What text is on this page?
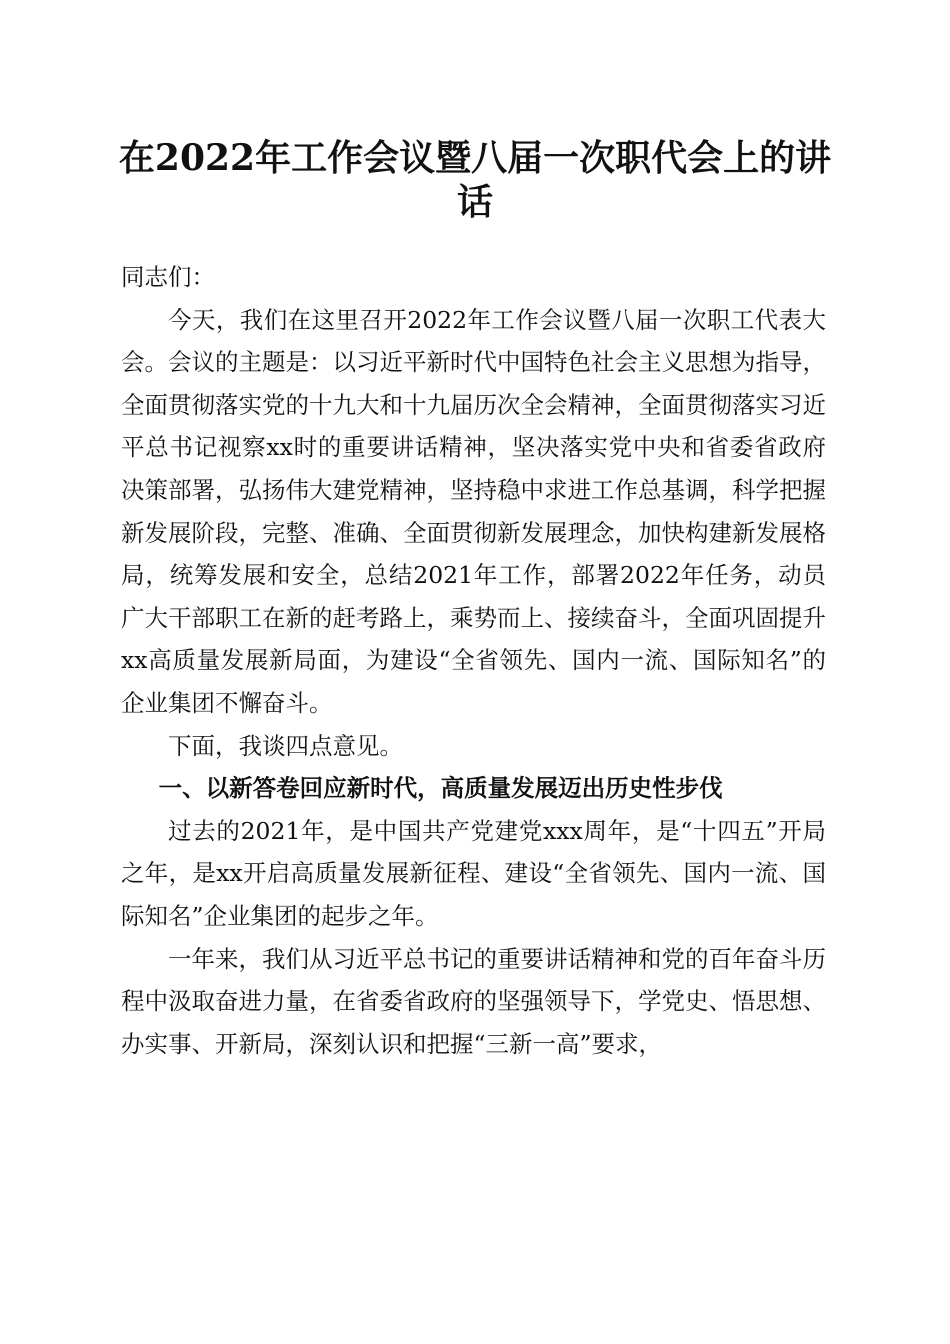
在2022年工作会议暨八届一次职代会上的讲话

同志们：

今天，我们在这里召开2022年工作会议暨八届一次职工代表大会。会议的主题是：以习近平新时代中国特色社会主义思想为指导，全面贯彻落实党的十九大和十九届历次全会精神，全面贯彻落实习近平总书记视察xx时的重要讲话精神，坚决落实党中央和省委省政府决策部署，弘扬伟大建党精神，坚持稳中求进工作总基调，科学把握新发展阶段，完整、准确、全面贯彻新发展理念，加快构建新发展格局，统筹发展和安全，总结2021年工作，部署2022年任务，动员广大干部职工在新的赶考路上，乘势而上、接续奋斗，全面巩固提升xx高质量发展新局面，为建设“全省领先、国内一流、国际知名”的企业集团不懈奋斗。

下面，我谈四点意见。

一、以新答卷回应新时代，高质量发展迈出历史性步伐

过去的2021年，是中国共产党建党xxx周年，是“十四五”开局之年，是xx开启高质量发展新征程、建设“全省领先、国内一流、国际知名”企业集团的起步之年。

一年来，我们从习近平总书记的重要讲话精神和党的百年奋斗历程中汲取奋进力量，在省委省政府的坚强领导下，学党史、悟思想、办实事、开新局，深刻认识和把握“三新一高”要求，
